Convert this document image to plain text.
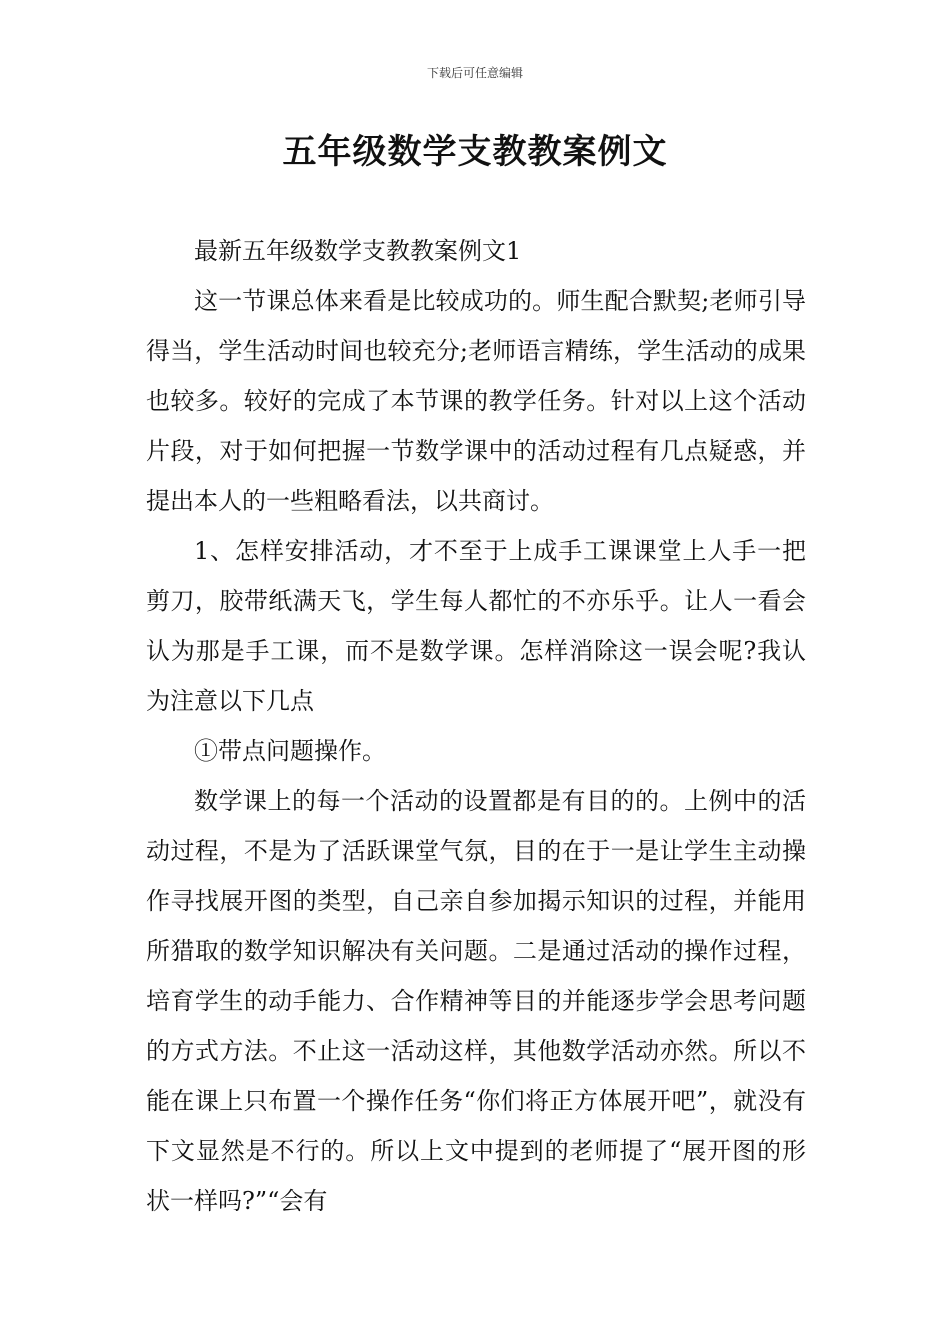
下载后可任意编辑
五年级数学支教教案例文

最新五年级数学支教教案例文1

这一节课总体来看是比较成功的。师生配合默契;老师引导得当，学生活动时间也较充分;老师语言精练，学生活动的成果也较多。较好的完成了本节课的教学任务。针对以上这个活动片段，对于如何把握一节数学课中的活动过程有几点疑惑，并提出本人的一些粗略看法，以共商讨。

1、怎样安排活动，才不至于上成手工课课堂上人手一把剪刀，胶带纸满天飞，学生每人都忙的不亦乐乎。让人一看会认为那是手工课，而不是数学课。怎样消除这一误会呢?我认为注意以下几点

①带点问题操作。

数学课上的每一个活动的设置都是有目的的。上例中的活动过程，不是为了活跃课堂气氛，目的在于一是让学生主动操作寻找展开图的类型，自己亲自参加揭示知识的过程，并能用所猎取的数学知识解决有关问题。二是通过活动的操作过程，培育学生的动手能力、合作精神等目的并能逐步学会思考问题的方式方法。不止这一活动这样，其他数学活动亦然。所以不能在课上只布置一个操作任务“你们将正方体展开吧”，就没有下文显然是不行的。所以上文中提到的老师提了“展开图的形状一样吗?”“会有
